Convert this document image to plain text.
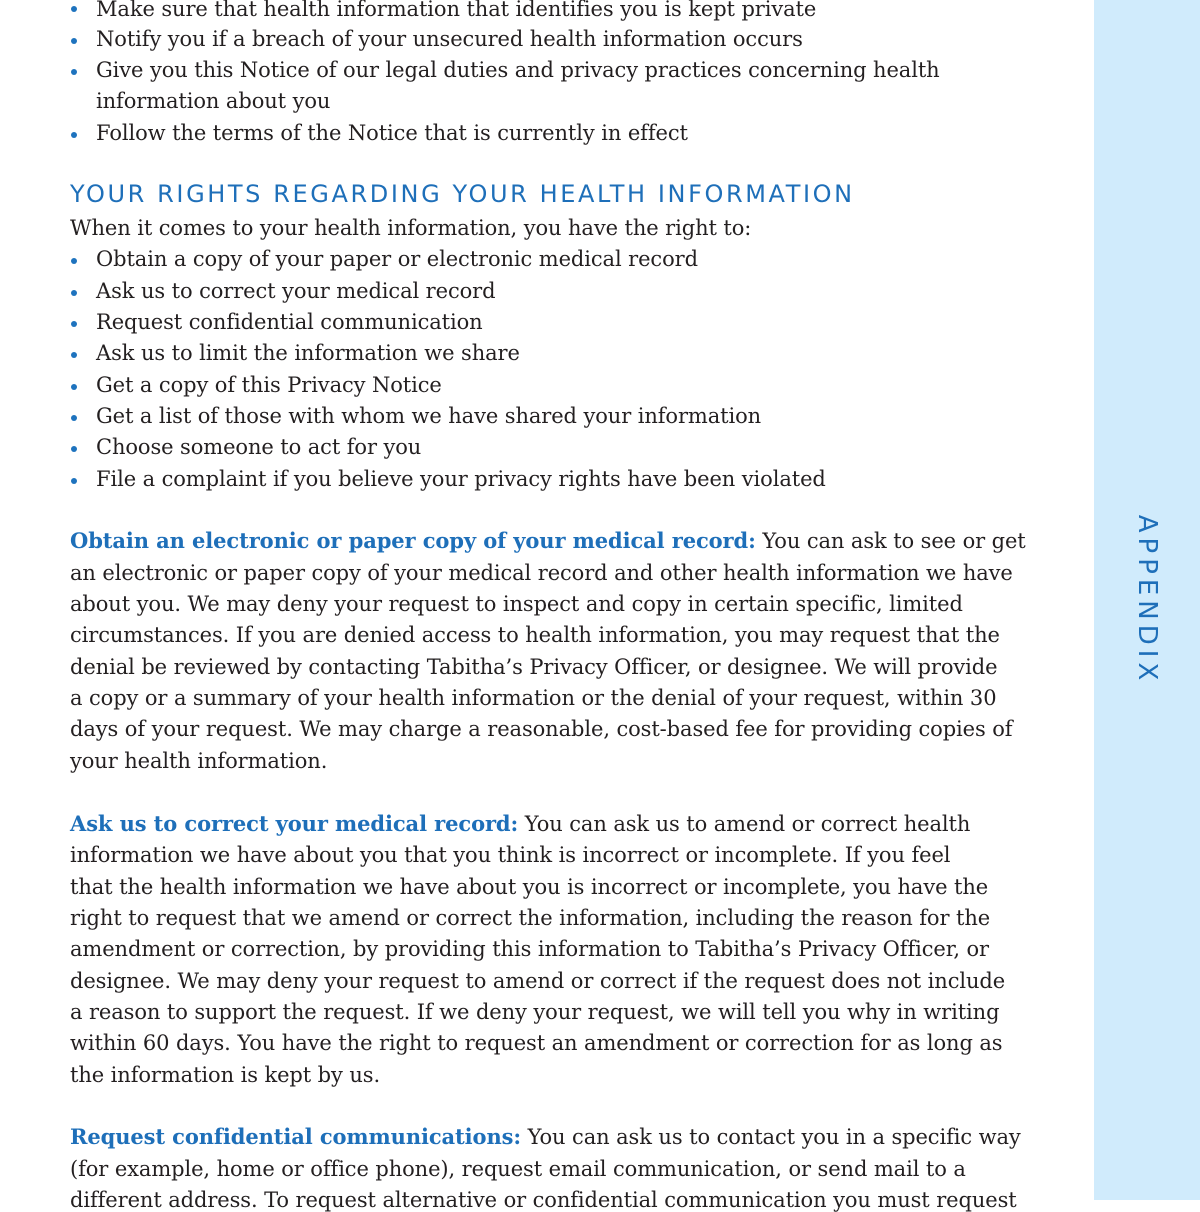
Make sure that health information that identifies you is kept private
Notify you if a breach of your unsecured health information occurs
Give you this Notice of our legal duties and privacy practices concerning health
information about you
Follow the terms of the Notice that is currently in effect
YOUR RIGHTS REGARDING YOUR HEALTH INFORMATION
When it comes to your health information, you have the right to:
Obtain a copy of your paper or electronic medical record
Ask us to correct your medical record
Request confidential communication
Ask us to limit the information we share
Get a copy of this Privacy Notice
Get a list of those with whom we have shared your information
Choose someone to act for you
File a complaint if you believe your privacy rights have been violated
Obtain an electronic or paper copy of your medical record: You can ask to see or get
an electronic or paper copy of your medical record and other health information we have
about you. We may deny your request to inspect and copy in certain specific, limited
circumstances. If you are denied access to health information, you may request that the
denial be reviewed by contacting Tabitha’s Privacy Officer, or designee. We will provide
a copy or a summary of your health information or the denial of your request, within 30
days of your request. We may charge a reasonable, cost-based fee for providing copies of
your health information.
Ask us to correct your medical record: You can ask us to amend or correct health
information we have about you that you think is incorrect or incomplete. If you feel
that the health information we have about you is incorrect or incomplete, you have the
right to request that we amend or correct the information, including the reason for the
amendment or correction, by providing this information to Tabitha’s Privacy Officer, or
designee. We may deny your request to amend or correct if the request does not include
a reason to support the request. If we deny your request, we will tell you why in writing
within 60 days. You have the right to request an amendment or correction for as long as
the information is kept by us.
Request confidential communications: You can ask us to contact you in a specific way
(for example, home or office phone), request email communication, or send mail to a
different address. To request alternative or confidential communication you must request
APPENDIX
